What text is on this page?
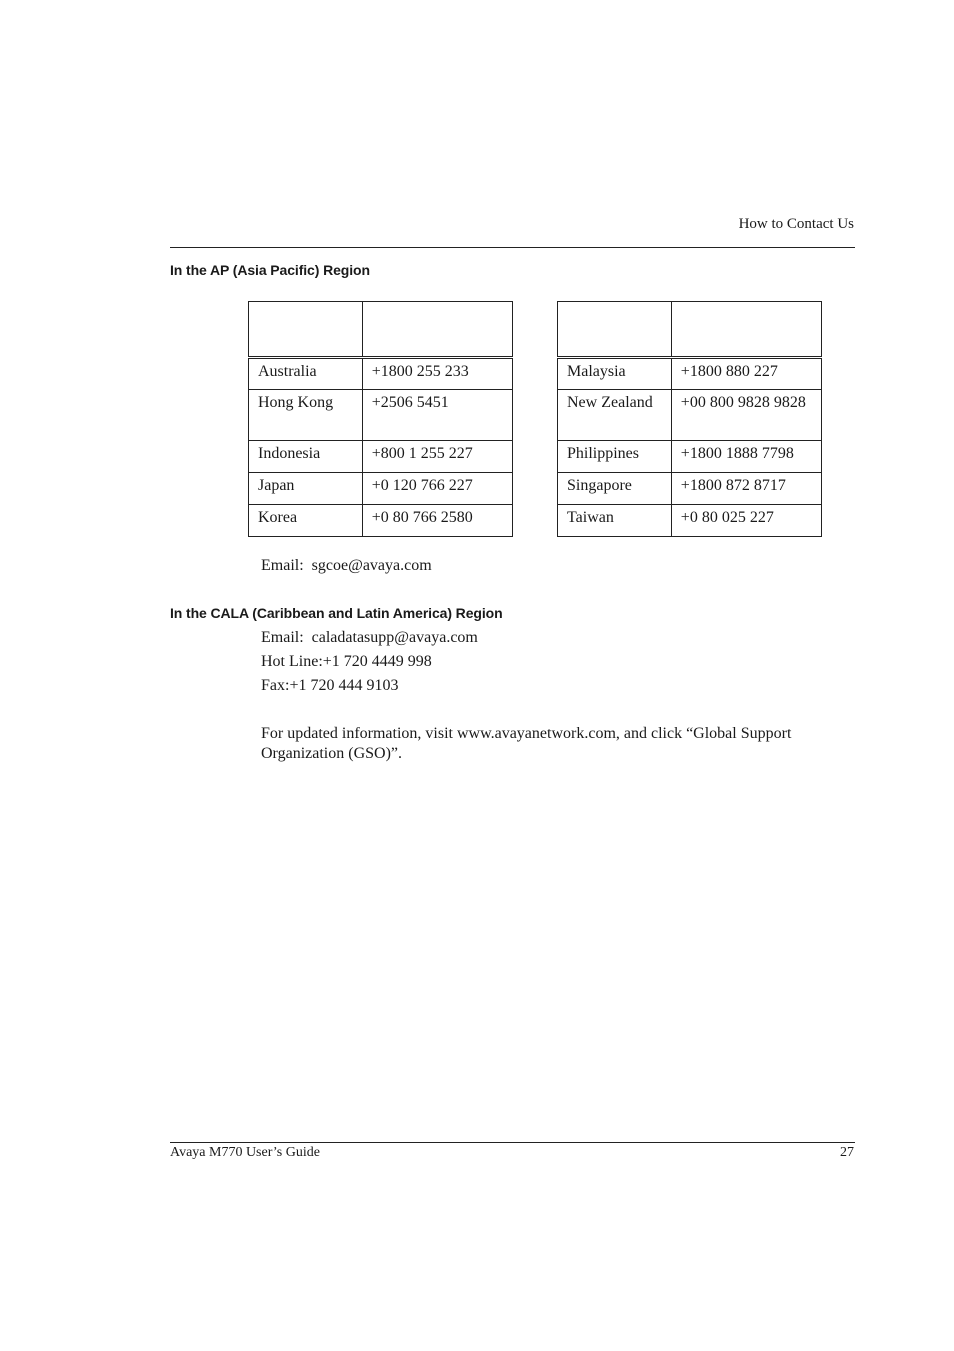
How to Contact Us
In the AP (Asia Pacific) Region

Australia	+1800 255 233
Hong Kong	+2506 5451
Indonesia	+800 1 255 227
Japan	+0 120 766 227
Korea	+0 80 766 2580

Malaysia	+1800 880 227
New Zealand	+00 800 9828 9828
Philippines	+1800 1888 7798
Singapore	+1800 872 8717
Taiwan	+0 80 025 227
Email:  sgcoe@avaya.com
In the CALA (Caribbean and Latin America) Region
Email:  caladatasupp@avaya.com
Hot Line:+1 720 4449 998
Fax:+1 720 444 9103
For updated information, visit www.avayanetwork.com, and click “Global Support Organization (GSO)”.
Avaya M770 User’s Guide	27
